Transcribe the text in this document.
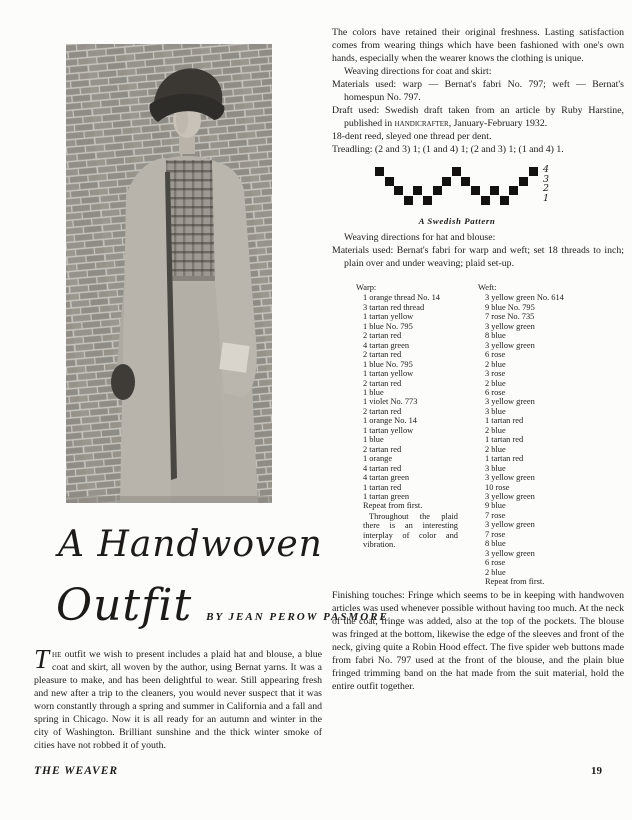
A Handwoven
Outfit BY JEAN PEROW PASMORE

The outfit we wish to present includes a plaid hat and blouse, a blue coat and skirt, all woven by the author, using Bernat yarns. It was a pleasure to make, and has been delightful to wear. Still appearing fresh and new after a trip to the cleaners, you would never suspect that it was worn constantly through a spring and summer in California and a fall and spring in Chicago. Now it is all ready for an autumn and winter in the city of Washington. Brilliant sunshine and the thick winter smoke of cities have not robbed it of youth.

THE WEAVER	19

The colors have retained their original freshness. Lasting satisfaction comes from wearing things which have been fashioned with one's own hands, especially when the wearer knows the clothing is unique.

Weaving directions for coat and skirt:

Materials used: warp — Bernat's fabri No. 797; weft — Bernat's homespun No. 797.

Draft used: Swedish draft taken from an article by Ruby Harstine, published in handicrafter, January-February 1932.

18-dent reed, sleyed one thread per dent.

Treadling: (2 and 3) 1; (1 and 4) 1; (2 and 3) 1; (1 and 4) 1.

4
3
2
1
A Swedish Pattern

Weaving directions for hat and blouse:

Materials used: Bernat's fabri for warp and weft; set 18 threads to inch; plain over and under weaving; plaid set-up.

Warp:
1 orange thread No. 14
3 tartan red thread
1 tartan yellow
1 blue No. 795
2 tartan red
4 tartan green
2 tartan red
1 blue No. 795
1 tartan yellow
2 tartan red
1 blue
1 violet No. 773
2 tartan red
1 orange No. 14
1 tartan yellow
1 blue
2 tartan red
1 orange
4 tartan red
4 tartan green
1 tartan red
1 tartan green
Repeat from first.
Throughout the plaid there is an interesting interplay of color and vibration.
Weft:
3 yellow green No. 614
9 blue No. 795
7 rose No. 735
3 yellow green
8 blue
3 yellow green
6 rose
2 blue
3 rose
2 blue
6 rose
3 yellow green
3 blue
1 tartan red
2 blue
1 tartan red
2 blue
1 tartan red
3 blue
3 yellow green
10 rose
3 yellow green
9 blue
7 rose
3 yellow green
7 rose
8 blue
3 yellow green
6 rose
2 blue
Repeat from first.

Finishing touches: Fringe which seems to be in keeping with handwoven articles was used whenever possible without having too much. At the neck of the coat, fringe was added, also at the top of the pockets. The blouse was fringed at the bottom, likewise the edge of the sleeves and front of the neck, giving quite a Robin Hood effect. The five spider web buttons made from fabri No. 797 used at the front of the blouse, and the plain blue fringed trimming band on the hat made from the suit material, hold the entire outfit together.
